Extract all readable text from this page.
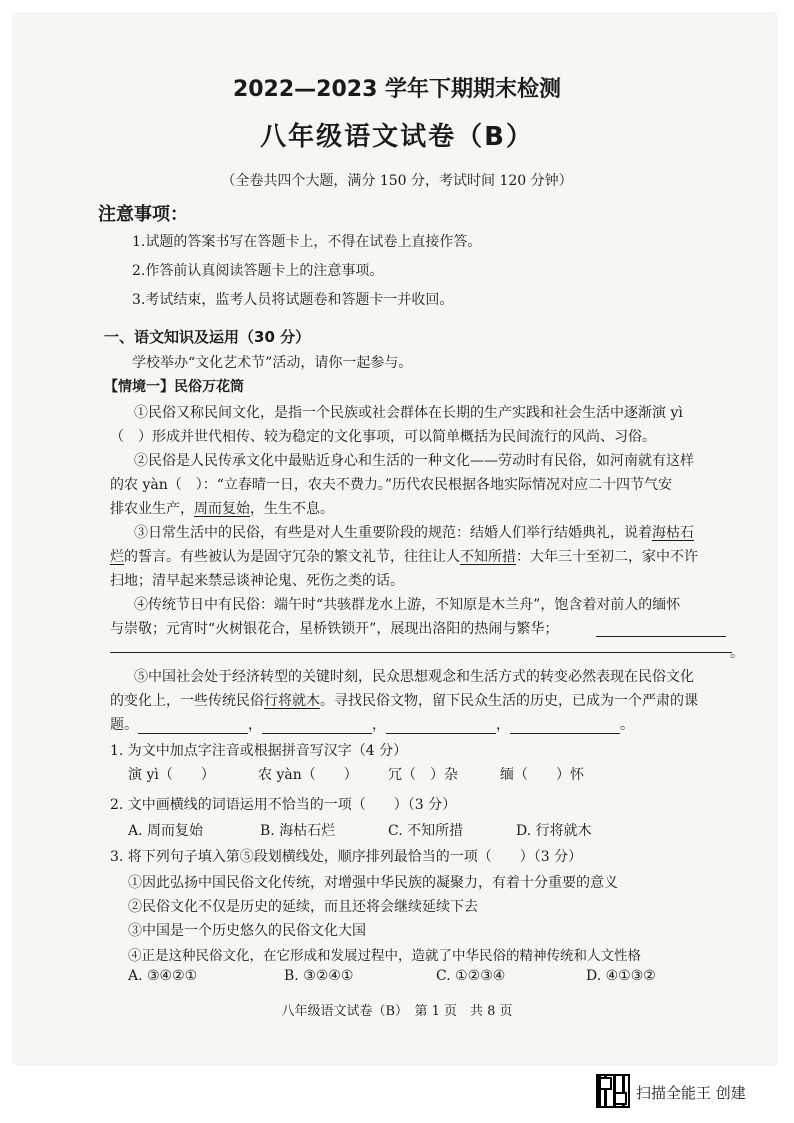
2022—2023 学年下期期末检测
八年级语文试卷（B）
（全卷共四个大题，满分 150 分，考试时间 120 分钟）
注意事项：
1.试题的答案书写在答题卡上，不得在试卷上直接作答。
2.作答前认真阅读答题卡上的注意事项。
3.考试结束，监考人员将试题卷和答题卡一并收回。
一、语文知识及运用（30 分）
学校举办“文化艺术节”活动，请你一起参与。
【情境一】民俗万花筒
①民俗又称民间文化，是指一个民族或社会群体在长期的生产实践和社会生活中逐渐演 yì
（　）形成并世代相传、较为稳定的文化事项，可以简单概括为民间流行的风尚、习俗。
②民俗是人民传承文化中最贴近身心和生活的一种文化——劳动时有民俗，如河南就有这样
的农 yàn（　）：“立春晴一日，农夫不费力。”历代农民根据各地实际情况对应二十四节气安
排农业生产，周而复始，生生不息。
③日常生活中的民俗，有些是对人生重要阶段的规范：结婚人们举行结婚典礼，说着海枯石
烂的誓言。有些被认为是固守冗杂的繁文礼节，往往让人不知所措：大年三十至初二，家中不许
扫地；清早起来禁忌谈神论鬼、死伤之类的话。
④传统节日中有民俗：端午时“共骇群龙水上游，不知原是木兰舟”，饱含着对前人的缅怀
与崇敬；元宵时“火树银花合，星桥铁锁开”，展现出洛阳的热闹与繁华；
。
⑤中国社会处于经济转型的关键时刻，民众思想观念和生活方式的转变必然表现在民俗文化
的变化上，一些传统民俗行将就木。寻找民俗文物，留下民众生活的历史，已成为一个严肃的课
题。	，	，	，	。
1. 为文中加点字注音或根据拼音写汉字（4 分）
演 yì（　　）	农 yàn（　　） 冗（　）杂	缅（　　）怀
2. 文中画横线的词语运用不恰当的一项（　　）（3 分）
A. 周而复始	B. 海枯石烂	C. 不知所措	D. 行将就木
3. 将下列句子填入第⑤段划横线处，顺序排列最恰当的一项（　　）（3 分）
①因此弘扬中国民俗文化传统，对增强中华民族的凝聚力，有着十分重要的意义
②民俗文化不仅是历史的延续，而且还将会继续延续下去
③中国是一个历史悠久的民俗文化大国
④正是这种民俗文化，在它形成和发展过程中，造就了中华民俗的精神传统和人文性格
A. ③④②①	B. ③②④①	C. ①②③④	D. ④①③②
八年级语文试卷（B）　第 1 页　共 8 页
扫描全能王 创建
